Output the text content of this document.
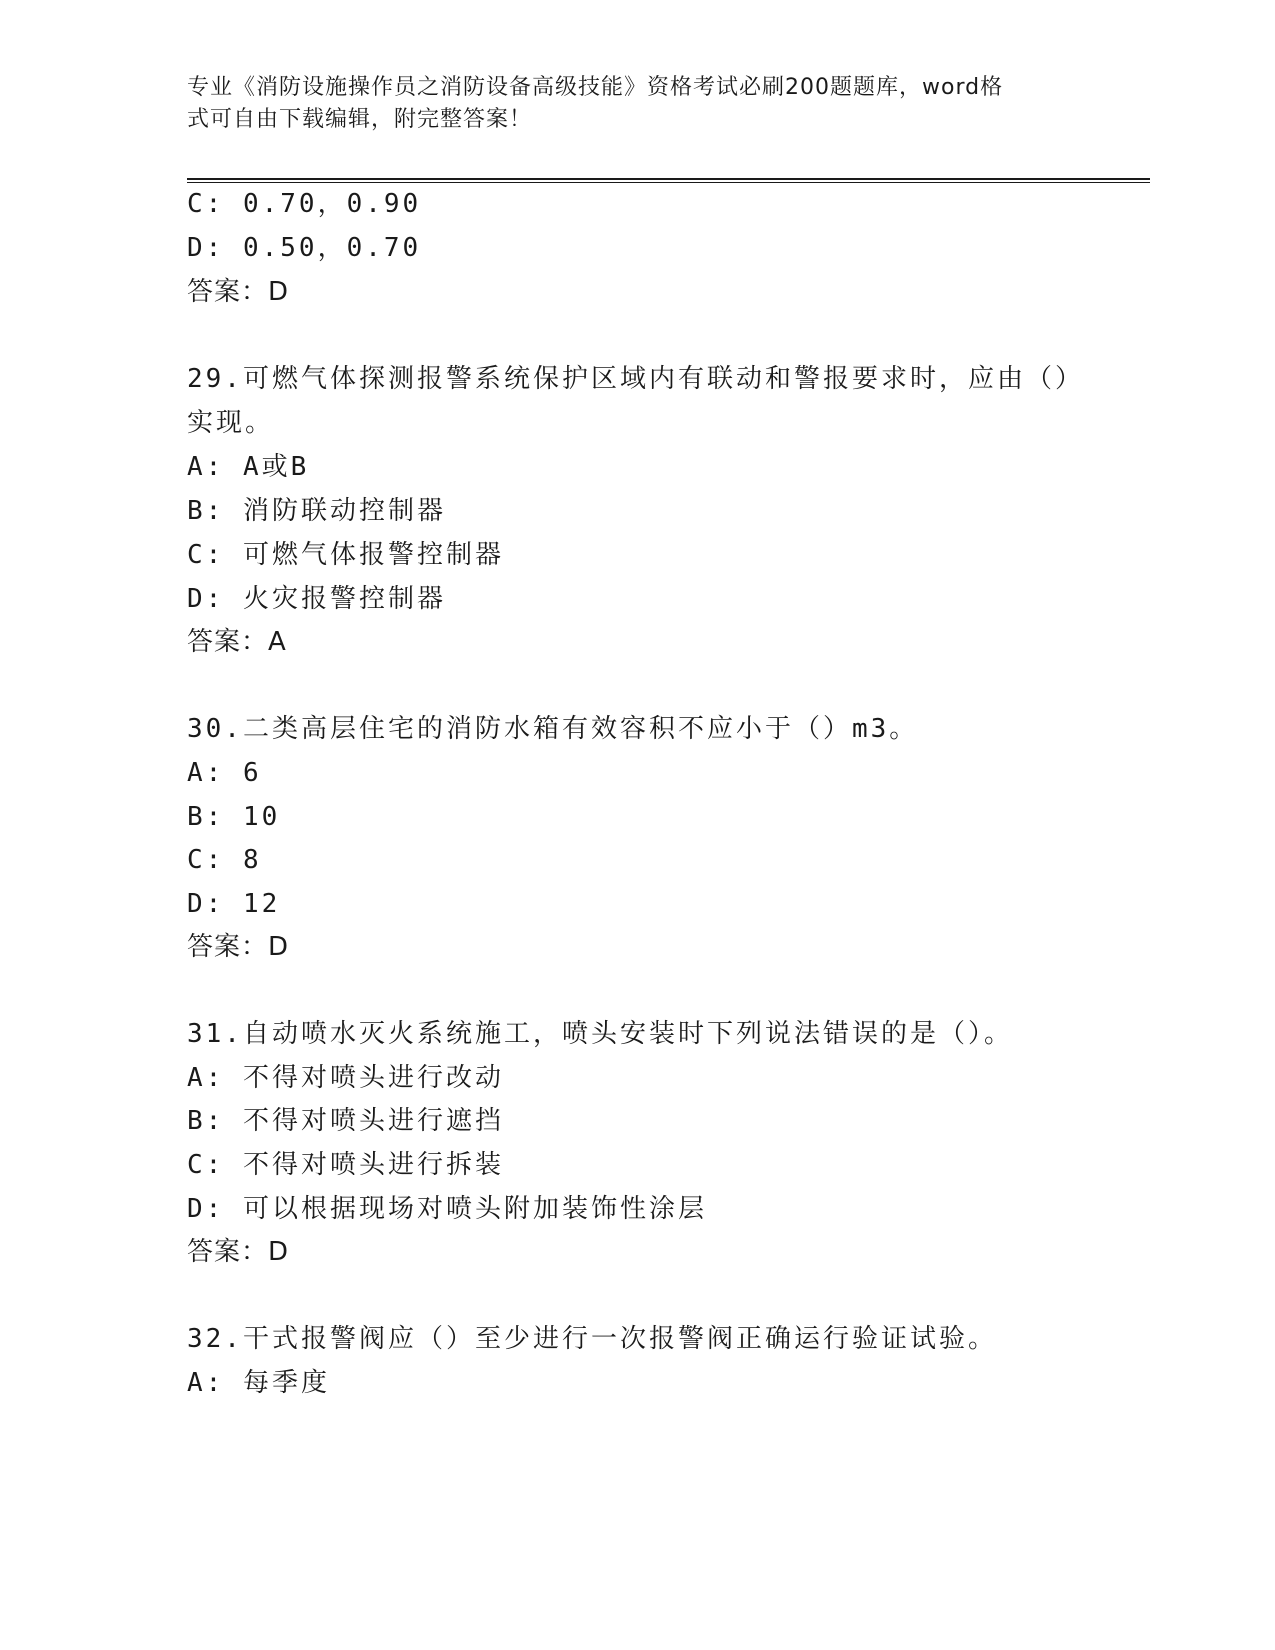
专业《消防设施操作员之消防设备高级技能》资格考试必刷200题题库，word格
式可自由下载编辑，附完整答案！
C: 0.70，0.90
D: 0.50，0.70
答案：D
29.可燃气体探测报警系统保护区域内有联动和警报要求时，应由（）
实现。
A: A或B
B: 消防联动控制器
C: 可燃气体报警控制器
D: 火灾报警控制器
答案：A
30.二类高层住宅的消防水箱有效容积不应小于（）m3。
A: 6
B: 10
C: 8
D: 12
答案：D
31.自动喷水灭火系统施工，喷头安装时下列说法错误的是（）。
A: 不得对喷头进行改动
B: 不得对喷头进行遮挡
C: 不得对喷头进行拆装
D: 可以根据现场对喷头附加装饰性涂层
答案：D
32.干式报警阀应（）至少进行一次报警阀正确运行验证试验。
A: 每季度
